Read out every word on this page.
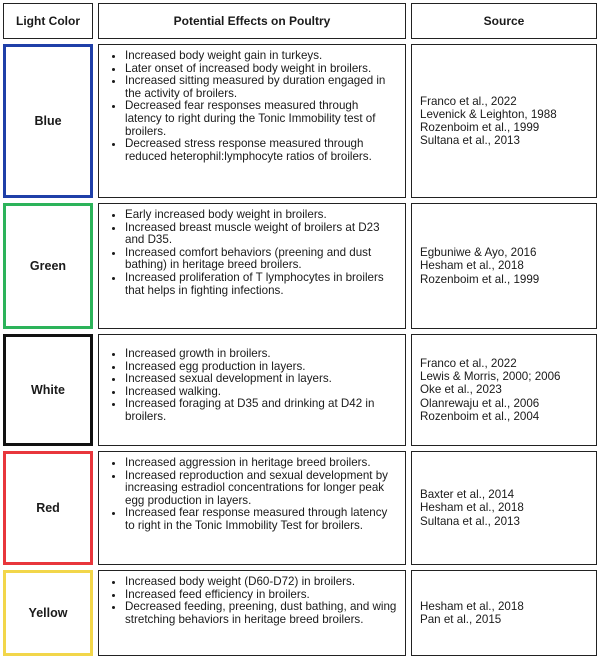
Light Color	Potential Effects on Poultry	Source
Blue
• Increased body weight gain in turkeys.
• Later onset of increased body weight in broilers.
• Increased sitting measured by duration engaged in the activity of broilers.
• Decreased fear responses measured through latency to right during the Tonic Immobility test of broilers.
• Decreased stress response measured through reduced heterophil:lymphocyte ratios of broilers.
Franco et al., 2022
Levenick & Leighton, 1988
Rozenboim et al., 1999
Sultana et al., 2013
Green
• Early increased body weight in broilers.
• Increased breast muscle weight of broilers at D23 and D35.
• Increased comfort behaviors (preening and dust bathing) in heritage breed broilers.
• Increased proliferation of T lymphocytes in broilers that helps in fighting infections.
Egbuniwe & Ayo, 2016
Hesham et al., 2018
Rozenboim et al., 1999
White
• Increased growth in broilers.
• Increased egg production in layers.
• Increased sexual development in layers.
• Increased walking.
• Increased foraging at D35 and drinking at D42 in broilers.
Franco et al., 2022
Lewis & Morris, 2000; 2006
Oke et al., 2023
Olanrewaju et al., 2006
Rozenboim et al., 2004
Red
• Increased aggression in heritage breed broilers.
• Increased reproduction and sexual development by increasing estradiol concentrations for longer peak egg production in layers.
• Increased fear response measured through latency to right in the Tonic Immobility Test for broilers.
Baxter et al., 2014
Hesham et al., 2018
Sultana et al., 2013
Yellow
• Increased body weight (D60-D72) in broilers.
• Increased feed efficiency in broilers.
• Decreased feeding, preening, dust bathing, and wing stretching behaviors in heritage breed broilers.
Hesham et al., 2018
Pan et al., 2015
